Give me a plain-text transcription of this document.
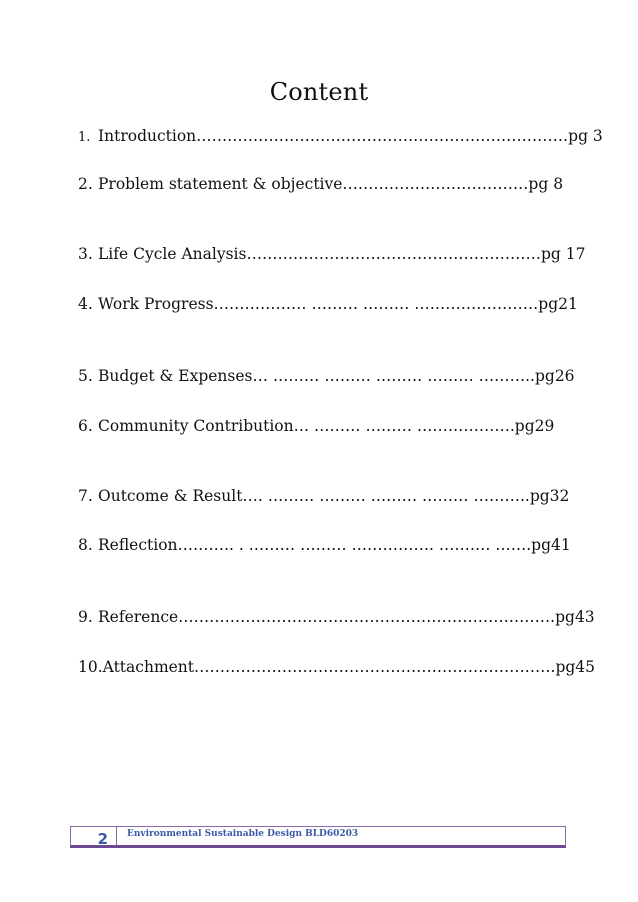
Content
1. Introduction………………………………………………………………pg 3
2. Problem statement & objective………………………………pg 8
3. Life Cycle Analysis…………………………………………………pg 17
4. Work Progress……………… ……… ……… ……………………pg21
5. Budget & Expenses… ……… ……… ……… ……… ………..pg26
6. Community Contribution… ……… ……… ……………….pg29
7. Outcome & Result…. ……… ……… ……… ……… ………..pg32
8. Reflection……….. . ……… ……… ……………. ………. …….pg41
9. Reference……………………………………………………………….pg43
10.Attachment…………………………………………………………….pg45
2	Environmental Sustainable Design BLD60203
